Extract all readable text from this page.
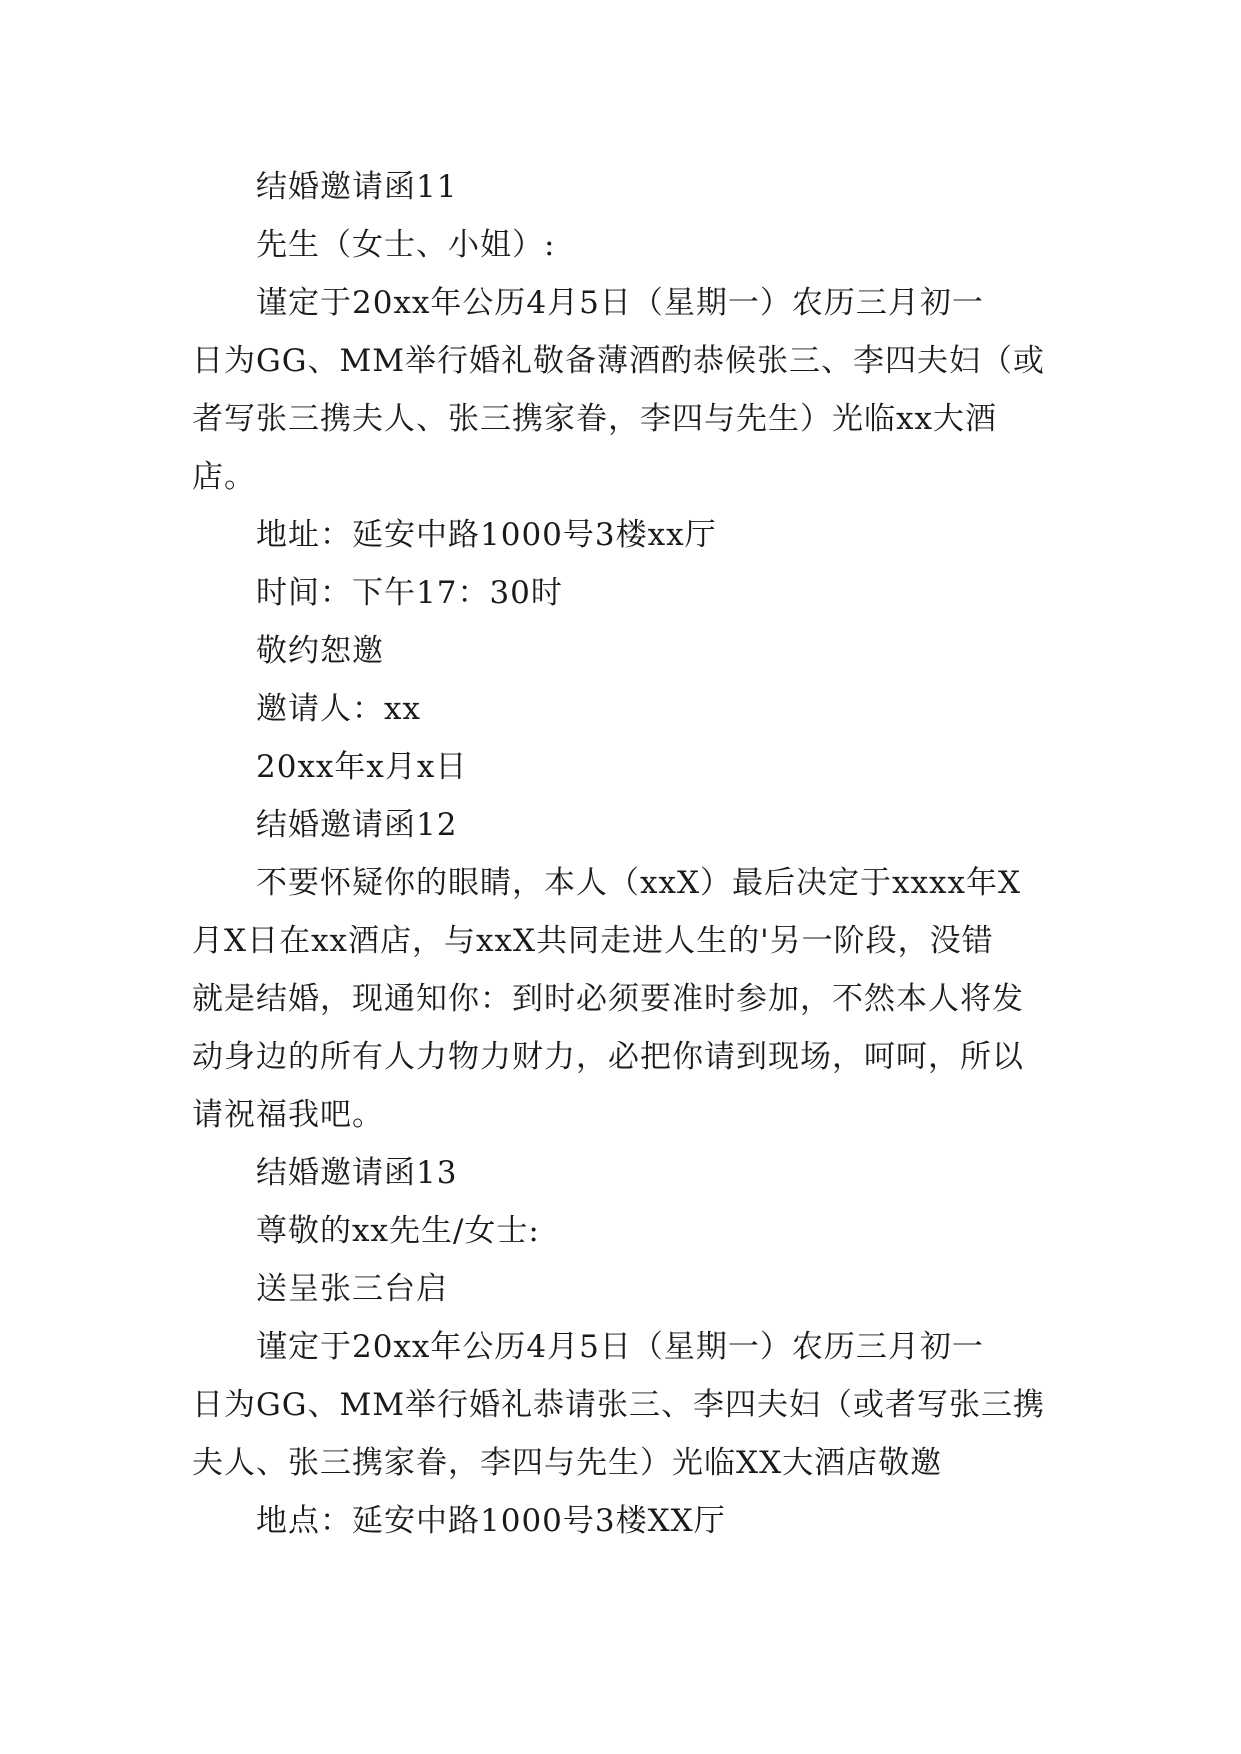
结婚邀请函11
先生（女士、小姐）:

谨定于20xx年公历4月5日（星期一）农历三月初一

日为GG、MM举行婚礼敬备薄酒酌恭候张三、李四夫妇（或

者写张三携夫人、张三携家眷，李四与先生）光临xx大酒

店。

地址：延安中路1000号3楼xx厅
时间：下午17：30时
敬约恕邀
邀请人：xx
20xx年x月x日
结婚邀请函12

不要怀疑你的眼睛，本人（xxX）最后决定于xxxx年X

月X日在xx酒店，与xxX共同走进人生的'另一阶段，没错

就是结婚，现通知你：到时必须要准时参加，不然本人将发

动身边的所有人力物力财力，必把你请到现场，呵呵，所以

请祝福我吧。

结婚邀请函13
尊敬的xx先生/女士:
送呈张三台启

谨定于20xx年公历4月5日（星期一）农历三月初一

日为GG、MM举行婚礼恭请张三、李四夫妇（或者写张三携

夫人、张三携家眷，李四与先生）光临XX大酒店敬邀

地点：延安中路1000号3楼XX厅
